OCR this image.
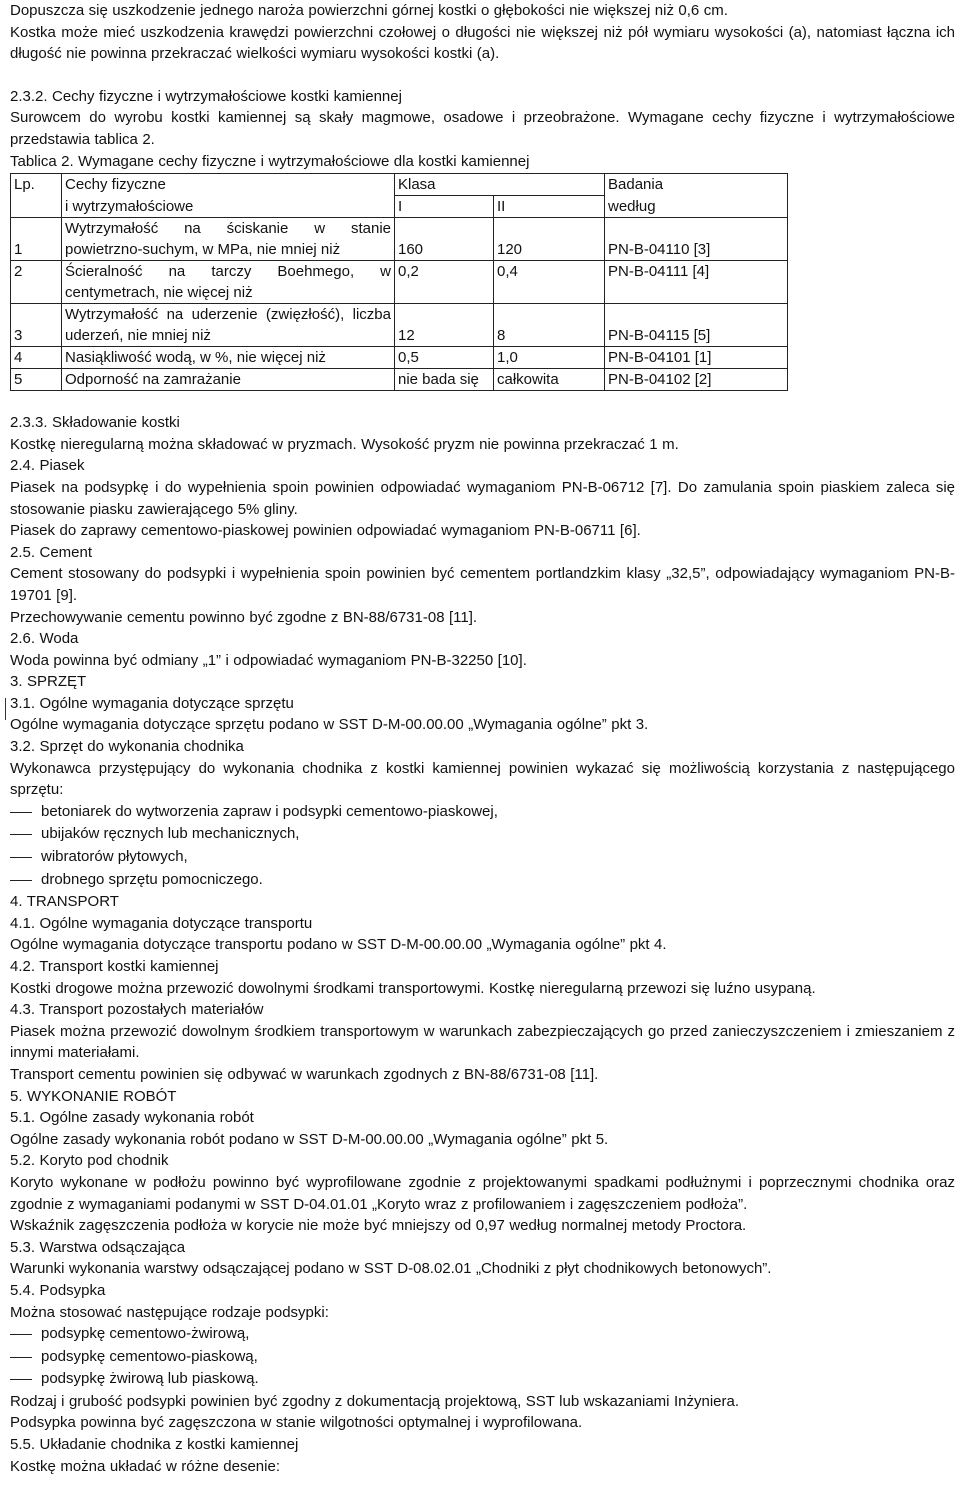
Dopuszcza się uszkodzenie jednego naroża powierzchni górnej kostki o głębokości nie większej niż 0,6 cm.

Kostka może mieć uszkodzenia krawędzi powierzchni czołowej o długości nie większej niż pół wymiaru wysokości (a), natomiast łączna ich długość nie powinna przekraczać wielkości wymiaru wysokości kostki (a).

2.3.2. Cechy fizyczne i wytrzymałościowe kostki kamiennej

Surowcem do wyrobu kostki kamiennej są skały magmowe, osadowe i przeobrażone. Wymagane cechy fizyczne i wytrzymałościowe przedstawia tablica 2.

Tablica 2. Wymagane cechy fizyczne i wytrzymałościowe dla kostki kamiennej

Lp.	Cechy fizyczne	Klasa		Badania
	i wytrzymałościowe	I	II	według
1	Wytrzymałość na ściskanie w stanie
powietrzno-suchym, w MPa, nie mniej niż	160	120	PN-B-04110 [3]
2	Ścieralność na tarczy Boehmego, w
centymetrach, nie więcej niż	0,2	0,4	PN-B-04111 [4]
3	Wytrzymałość na uderzenie (zwięzłość), liczba
uderzeń, nie mniej niż	12	8	PN-B-04115 [5]
4	Nasiąkliwość wodą, w %, nie więcej niż	0,5	1,0	PN-B-04101 [1]
5	Odporność na zamrażanie	nie bada się	całkowita	PN-B-04102 [2]

2.3.3. Składowanie kostki

Kostkę nieregularną można składować w pryzmach. Wysokość pryzm nie powinna przekraczać 1 m.

2.4. Piasek

Piasek na podsypkę i do wypełnienia spoin powinien odpowiadać wymaganiom PN-B-06712 [7]. Do zamulania spoin piaskiem zaleca się stosowanie piasku zawierającego 5% gliny.

Piasek do zaprawy cementowo-piaskowej powinien odpowiadać wymaganiom PN-B-06711 [6].

2.5. Cement

Cement stosowany do podsypki i wypełnienia spoin powinien być cementem portlandzkim klasy „32,5”, odpowiadający wymaganiom PN-B-19701 [9].

Przechowywanie cementu powinno być zgodne z BN-88/6731-08 [11].

2.6. Woda

Woda powinna być odmiany „1” i odpowiadać wymaganiom PN-B-32250 [10].

3. SPRZĘT

3.1. Ogólne wymagania dotyczące sprzętu

Ogólne wymagania dotyczące sprzętu podano w SST D-M-00.00.00 „Wymagania ogólne” pkt 3.

3.2. Sprzęt do wykonania chodnika

Wykonawca przystępujący do wykonania chodnika z kostki kamiennej powinien wykazać się możliwością korzystania z następującego sprzętu:

betoniarek do wytworzenia zapraw i podsypki cementowo-piaskowej,
ubijaków ręcznych lub mechanicznych,
wibratorów płytowych,
drobnego sprzętu pomocniczego.

4. TRANSPORT

4.1. Ogólne wymagania dotyczące transportu

Ogólne wymagania dotyczące transportu podano w SST D-M-00.00.00 „Wymagania ogólne” pkt 4.

4.2. Transport kostki kamiennej

Kostki drogowe można przewozić dowolnymi środkami transportowymi. Kostkę nieregularną przewozi się luźno usypaną.

4.3. Transport pozostałych materiałów

Piasek można przewozić dowolnym środkiem transportowym w warunkach zabezpieczających go przed zanieczyszczeniem i zmieszaniem z innymi materiałami.

Transport cementu powinien się odbywać w warunkach zgodnych z BN-88/6731-08 [11].

5. WYKONANIE ROBÓT

5.1. Ogólne zasady wykonania robót

Ogólne zasady wykonania robót podano w SST D-M-00.00.00 „Wymagania ogólne” pkt 5.

5.2. Koryto pod chodnik

Koryto wykonane w podłożu powinno być wyprofilowane zgodnie z projektowanymi spadkami podłużnymi i poprzecznymi chodnika oraz zgodnie z wymaganiami podanymi w SST D-04.01.01 „Koryto wraz z profilowaniem i zagęszczeniem podłoża”.

Wskaźnik zagęszczenia podłoża w korycie nie może być mniejszy od 0,97 według normalnej metody Proctora.

5.3. Warstwa odsączająca

Warunki wykonania warstwy odsączającej podano w SST D-08.02.01 „Chodniki z płyt chodnikowych betonowych”.

5.4. Podsypka

Można stosować następujące rodzaje podsypki:

podsypkę cementowo-żwirową,
podsypkę cementowo-piaskową,
podsypkę żwirową lub piaskową.

Rodzaj i grubość podsypki powinien być zgodny z dokumentacją projektową, SST lub wskazaniami Inżyniera.

Podsypka powinna być zagęszczona w stanie wilgotności optymalnej i wyprofilowana.

5.5. Układanie chodnika z kostki kamiennej

Kostkę można układać w różne desenie:
